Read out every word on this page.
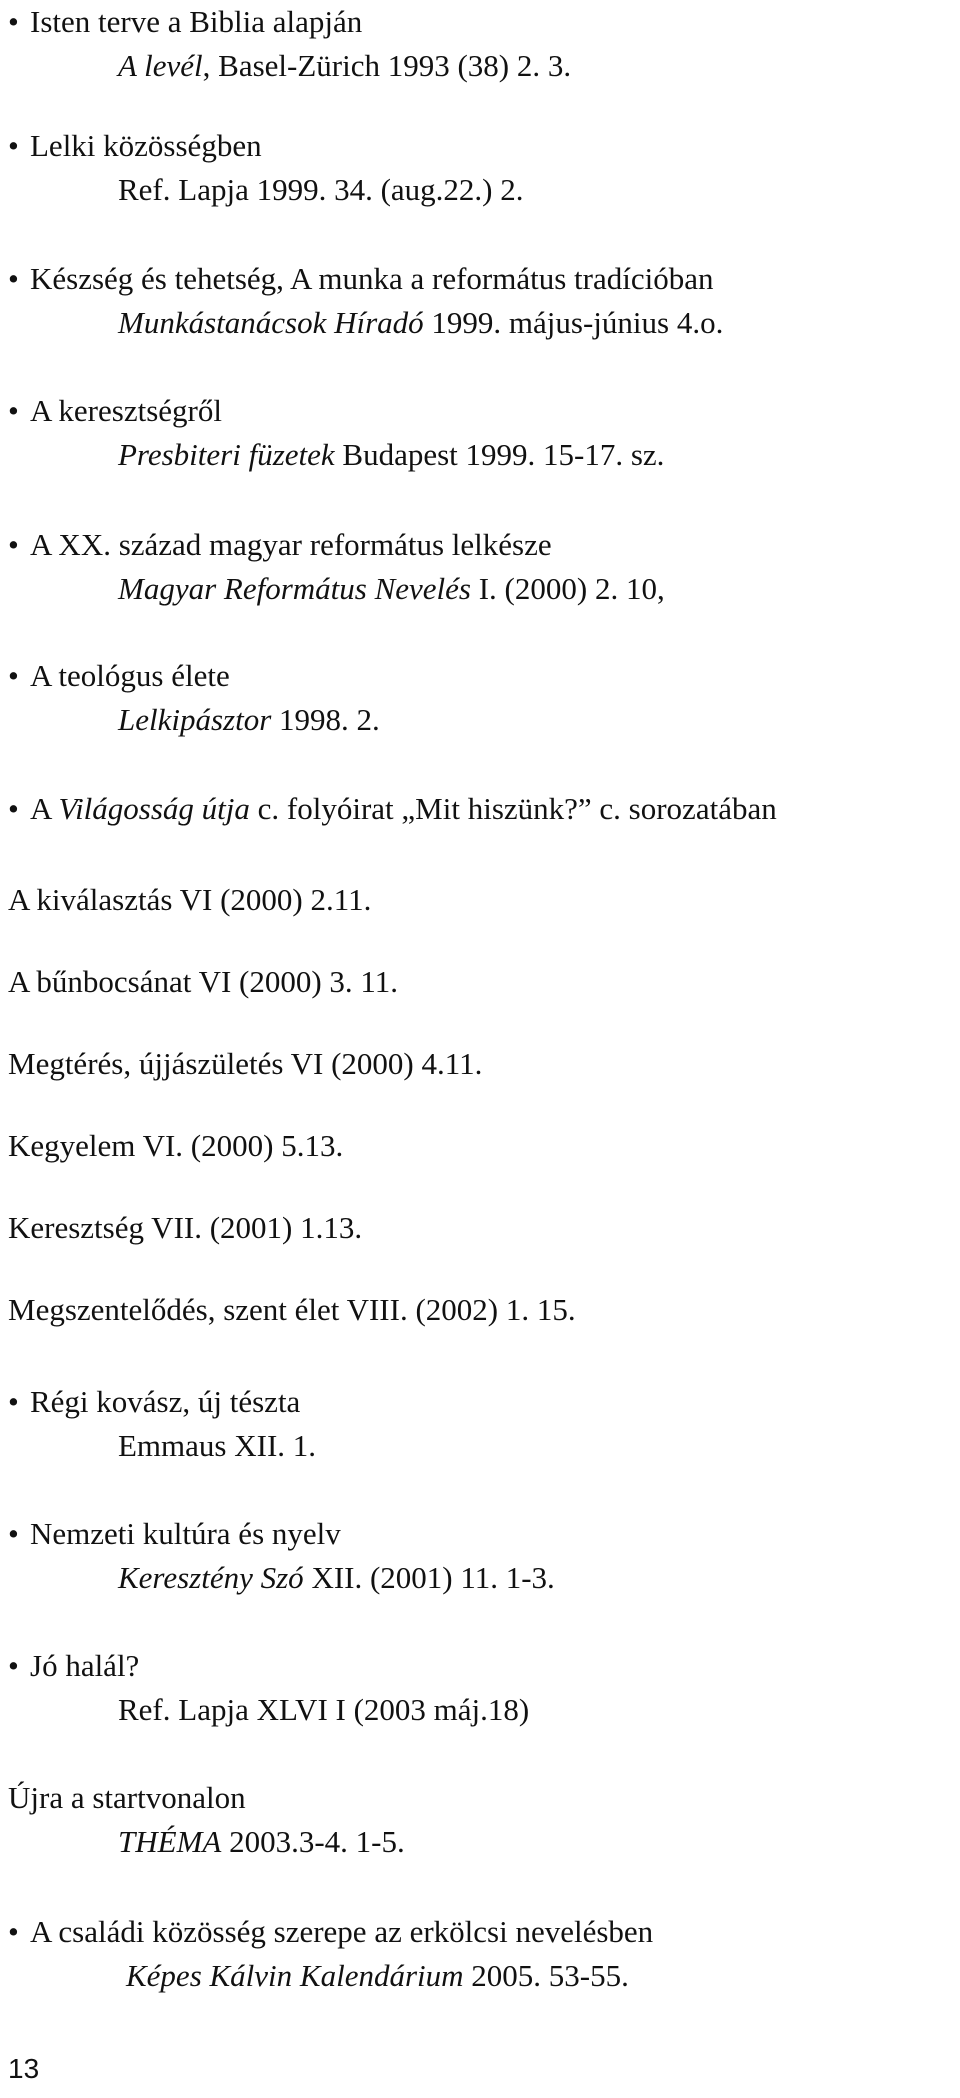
• Isten terve a Biblia alapján
A levél, Basel-Zürich 1993 (38) 2. 3.
• Lelki közösségben
Ref. Lapja 1999. 34. (aug.22.) 2.
• Készség és tehetség, A munka a református tradícióban
Munkástanácsok Híradó 1999. május-június 4.o.
• A keresztségről
Presbiteri füzetek Budapest 1999. 15-17. sz.
• A XX. század magyar református lelkésze
Magyar Református Nevelés I. (2000) 2. 10,
• A teológus élete
Lelkipásztor 1998. 2.
• A Világosság útja c. folyóirat „Mit hiszünk?” c. sorozatában
A kiválasztás VI (2000) 2.11.
A bűnbocsánat VI (2000) 3. 11.
Megtérés, újjászületés VI (2000) 4.11.
Kegyelem VI. (2000) 5.13.
Keresztség VII. (2001) 1.13.
Megszentelődés, szent élet VIII. (2002) 1. 15.
• Régi kovász, új tészta
Emmaus XII. 1.
• Nemzeti kultúra és nyelv
Keresztény Szó XII. (2001) 11. 1-3.
• Jó halál?
Ref. Lapja XLVI I (2003 máj.18)
Újra a startvonalon
THÉMA 2003.3-4. 1-5.
• A családi közösség szerepe az erkölcsi nevelésben
Képes Kálvin Kalendárium 2005. 53-55.
13
